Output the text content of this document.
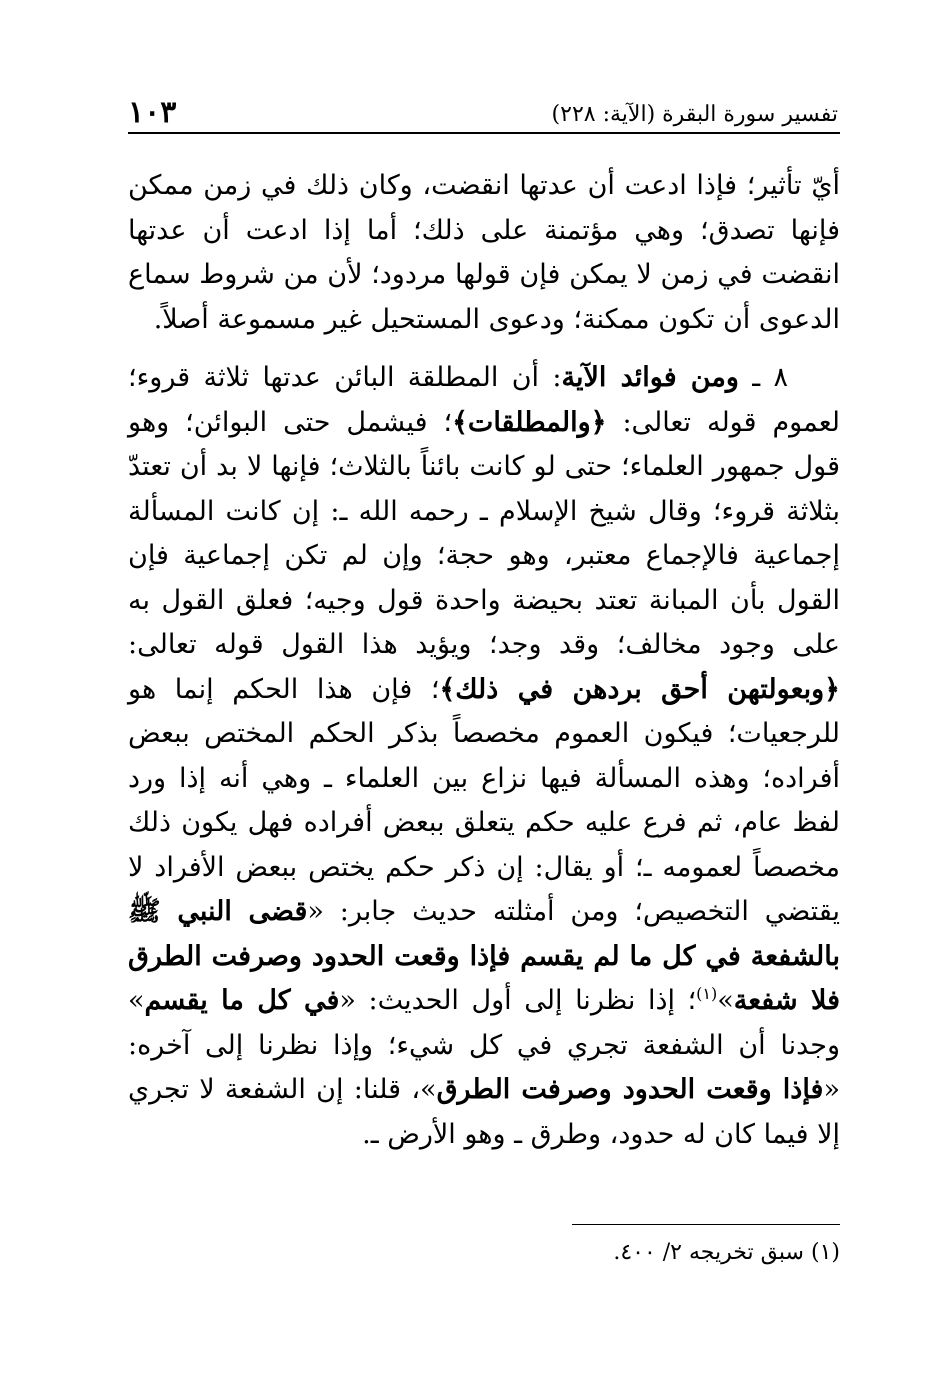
تفسير سورة البقرة (الآية: ٢٢٨)
١٠٣

أيّ تأثير؛ فإذا ادعت أن عدتها انقضت، وكان ذلك في زمن ممكن فإنها تصدق؛ وهي مؤتمنة على ذلك؛ أما إذا ادعت أن عدتها انقضت في زمن لا يمكن فإن قولها مردود؛ لأن من شروط سماع الدعوى أن تكون ممكنة؛ ودعوى المستحيل غير مسموعة أصلاً.

٨ ـ ومن فوائد الآية: أن المطلقة البائن عدتها ثلاثة قروء؛ لعموم قوله تعالى: ﴿والمطلقات﴾؛ فيشمل حتى البوائن؛ وهو قول جمهور العلماء؛ حتى لو كانت بائناً بالثلاث؛ فإنها لا بد أن تعتدّ بثلاثة قروء؛ وقال شيخ الإسلام ـ رحمه الله ـ: إن كانت المسألة إجماعية فالإجماع معتبر، وهو حجة؛ وإن لم تكن إجماعية فإن القول بأن المبانة تعتد بحيضة واحدة قول وجيه؛ فعلق القول به على وجود مخالف؛ وقد وجد؛ ويؤيد هذا القول قوله تعالى: ﴿وبعولتهن أحق بردهن في ذلك﴾؛ فإن هذا الحكم إنما هو للرجعيات؛ فيكون العموم مخصصاً بذكر الحكم المختص ببعض أفراده؛ وهذه المسألة فيها نزاع بين العلماء ـ وهي أنه إذا ورد لفظ عام، ثم فرع عليه حكم يتعلق ببعض أفراده فهل يكون ذلك مخصصاً لعمومه ـ؛ أو يقال: إن ذكر حكم يختص ببعض الأفراد لا يقتضي التخصيص؛ ومن أمثلته حديث جابر: «قضى النبي ﷺ بالشفعة في كل ما لم يقسم فإذا وقعت الحدود وصرفت الطرق فلا شفعة»$^{(١)}$؛ إذا نظرنا إلى أول الحديث: «في كل ما يقسم» وجدنا أن الشفعة تجري في كل شيء؛ وإذا نظرنا إلى آخره: «فإذا وقعت الحدود وصرفت الطرق»، قلنا: إن الشفعة لا تجري إلا فيما كان له حدود، وطرق ـ وهو الأرض ـ.

(١) سبق تخريجه ٢/ ٤٠٠.
